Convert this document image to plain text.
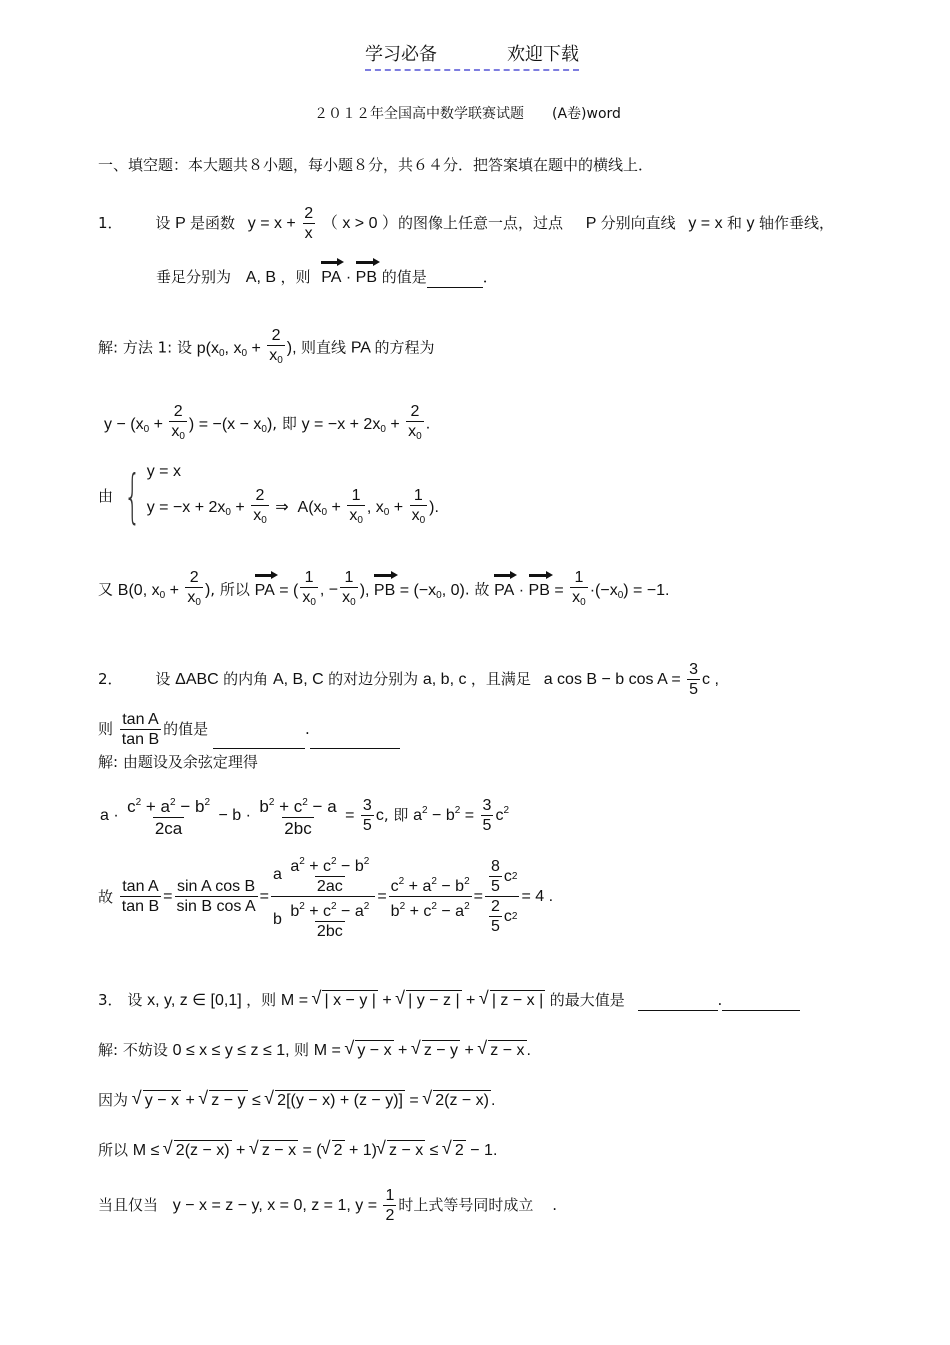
学习必备	欢迎下载
２０１２年全国高中数学联赛试题　　(A卷)word
一、填空题：本大题共８小题，每小题８分，共６４分．把答案填在题中的横线上．
1． 设 P 是函数 $y = x + \frac{2}{x}$ （ x > 0 ）的图像上任意一点，过点 P 分别向直线 y = x 和 y 轴作垂线，
垂足分别为 A, B ，则 PA · PB 的值是	．
解: 方法 1: 设 $p(x_0$, $x_0 + \frac{2}{x_0}$ ), 则直线 PA 的方程为
$y - (x_0 + \frac{2}{x_0}$ ) = $-(x - x_0)$, 即 $y = -x + 2x_0 + \frac{2}{x_0}$ .
由 { y = x
$y = -x + 2x_0 + \frac{2}{x_0}$ ⇒  $A(x_0 + \frac{1}{x_0}$ , $x_0 + \frac{1}{x_0}$ ).
又 B(0, $x_0 + \frac{2}{x_0}$ ), 所以 PA = ( $\frac{1}{x_0}$ , − $\frac{1}{x_0}$ ), PB = ($-x_0$, 0). 故 PA · PB = $\frac{1}{x_0} \cdot(-x_0) = -1$.
2． 设 ΔABC 的内角 A, B, C 的对边分别为 a, b, c ，且满足 a cos B − b $\cos A = \frac{3}{5}$ c ,
则 $\frac{\text{tan A}}{\text{tan B}}$ 的值是	.
解: 由题设及余弦定理得
$a \cdot \frac{c^2 + a^2 - b^2}{2ca} - b \cdot \frac{b^2 + c^2 - a}{2bc} = \frac{3}{5} c$, 即 $a^2 - b^2 = \frac{3}{5} c^2$
故 $\frac{\text{tan A}}{\text{tan B}} = \frac{\text{sin A cos B}}{\text{sin B cos A}} = \frac{a \frac{a^2 + c^2 - b^2}{2ac}}{b \frac{b^2 + c^2 - a^2}{2bc}} = \frac{c^2 + a^2 - b^2}{b^2 + c^2 - a^2} = \frac{\frac{8}{5} c 2}{\frac{2}{5} c 2} = 4$ .
3． 设 x, y, z ∈ [0,1] ，则 M = √ | x − y | + √ | y − z | + √ | z − x | 的最大值是	.
解: 不妨设 0 ≤ x ≤ y ≤ z ≤ 1, 则 M = √ y − x + √ z − y + √ z − x .
因为 √ y − x + √ z − y ≤ √ 2[(y − x) + (z − y)] = √ 2(z − x) .
所以 M ≤ √ 2(z − x) + √ z − x = ( √ 2 + 1) √ z − x ≤ √ 2 − 1.
当且仅当 y − x = z − y, x = 0, z = 1, $y = \frac{1}{2}$ 时上式等号同时成立 .
